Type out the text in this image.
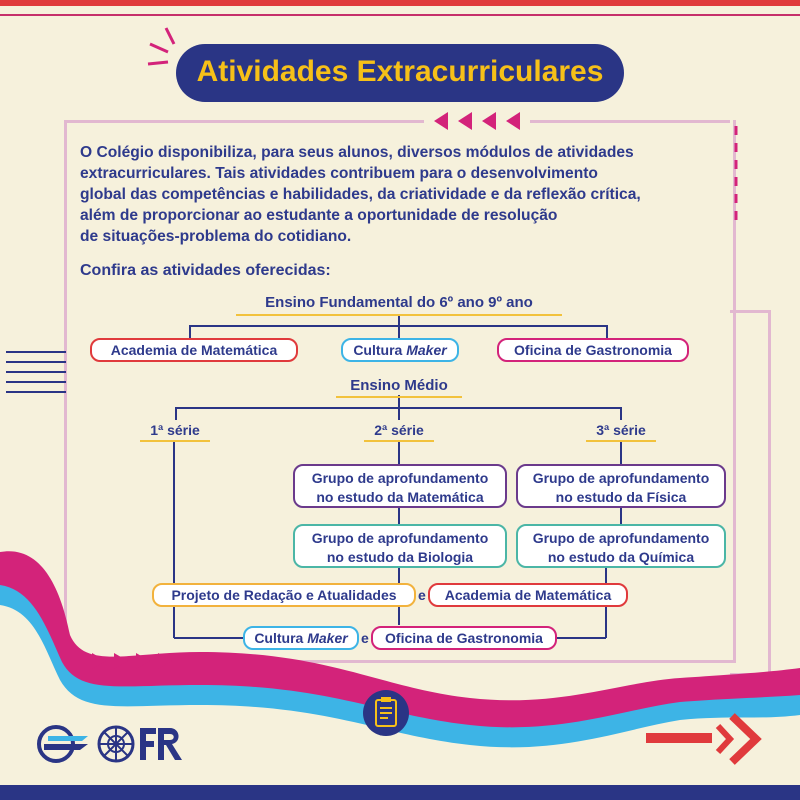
Atividades Extracurriculares
O Colégio disponibiliza, para seus alunos, diversos módulos de atividades
extracurriculares. Tais atividades contribuem para o desenvolvimento
global das competências e habilidades, da criatividade e da reflexão crítica,
além de proporcionar ao estudante a oportunidade de resolução
de situações-problema do cotidiano.
Confira as atividades oferecidas:
Ensino Fundamental do 6º ano 9º ano
Academia de Matemática	Cultura Maker	Oficina de Gastronomia
Ensino Médio
1ª série	2ª série	3ª série
Grupo de aprofundamento
no estudo da Matemática
Grupo de aprofundamento
no estudo da Biologia
Grupo de aprofundamento
no estudo da Física
Grupo de aprofundamento
no estudo da Química
Projeto de Redação e Atualidades	e	Academia de Matemática
Cultura Maker e	Oficina de Gastronomia
